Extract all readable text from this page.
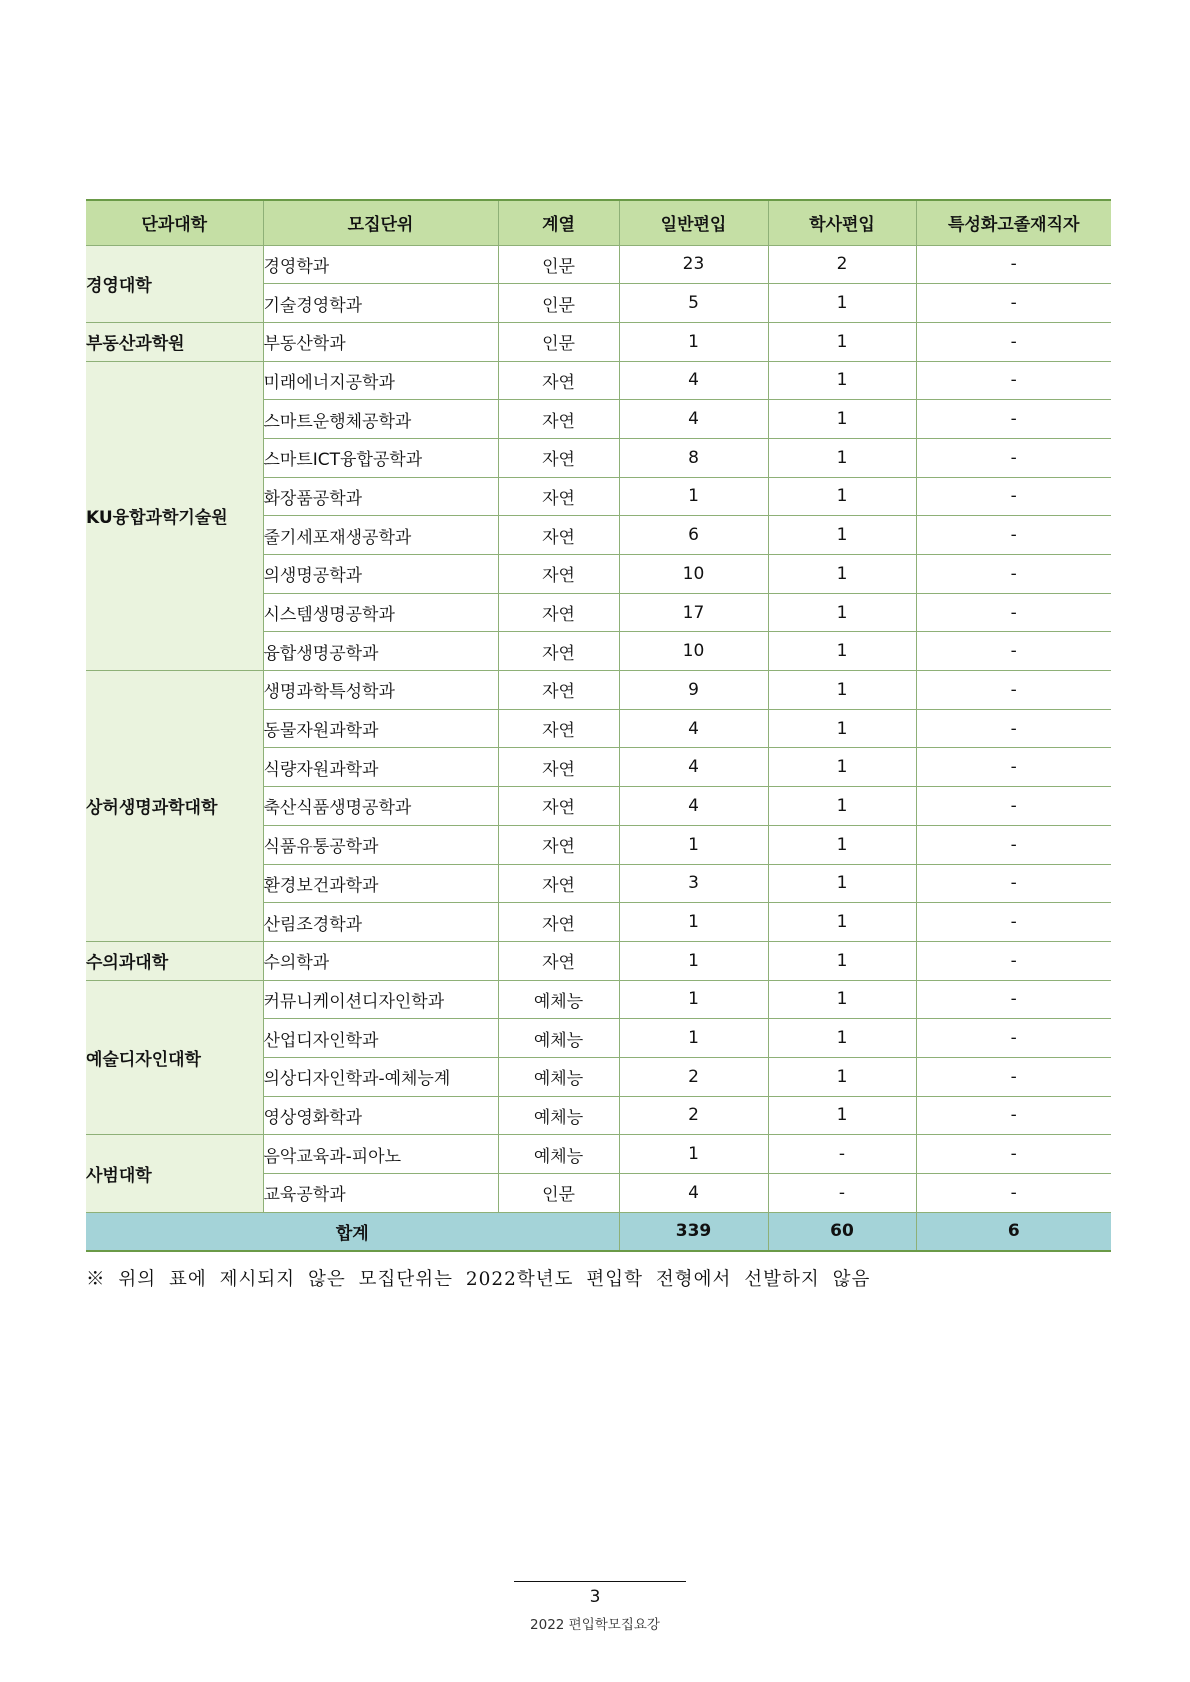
단과대학	모집단위	계열	일반편입	학사편입	특성화고졸재직자
경영대학	경영학과	인문	23	2	-
	기술경영학과	인문	5	1	-
부동산과학원	부동산학과	인문	1	1	-
KU융합과학기술원	미래에너지공학과	자연	4	1	-
	스마트운행체공학과	자연	4	1	-
	스마트ICT융합공학과	자연	8	1	-
	화장품공학과	자연	1	1	-
	줄기세포재생공학과	자연	6	1	-
	의생명공학과	자연	10	1	-
	시스템생명공학과	자연	17	1	-
	융합생명공학과	자연	10	1	-
상허생명과학대학	생명과학특성학과	자연	9	1	-
	동물자원과학과	자연	4	1	-
	식량자원과학과	자연	4	1	-
	축산식품생명공학과	자연	4	1	-
	식품유통공학과	자연	1	1	-
	환경보건과학과	자연	3	1	-
	산림조경학과	자연	1	1	-
수의과대학	수의학과	자연	1	1	-
예술디자인대학	커뮤니케이션디자인학과	예체능	1	1	-
	산업디자인학과	예체능	1	1	-
	의상디자인학과-예체능계	예체능	2	1	-
	영상영화학과	예체능	2	1	-
사범대학	음악교육과-피아노	예체능	1	-	-
	교육공학과	인문	4	-	-
합계			339	60	6
※ 위의 표에 제시되지 않은 모집단위는 2022학년도 편입학 전형에서 선발하지 않음
3
2022 편입학모집요강
